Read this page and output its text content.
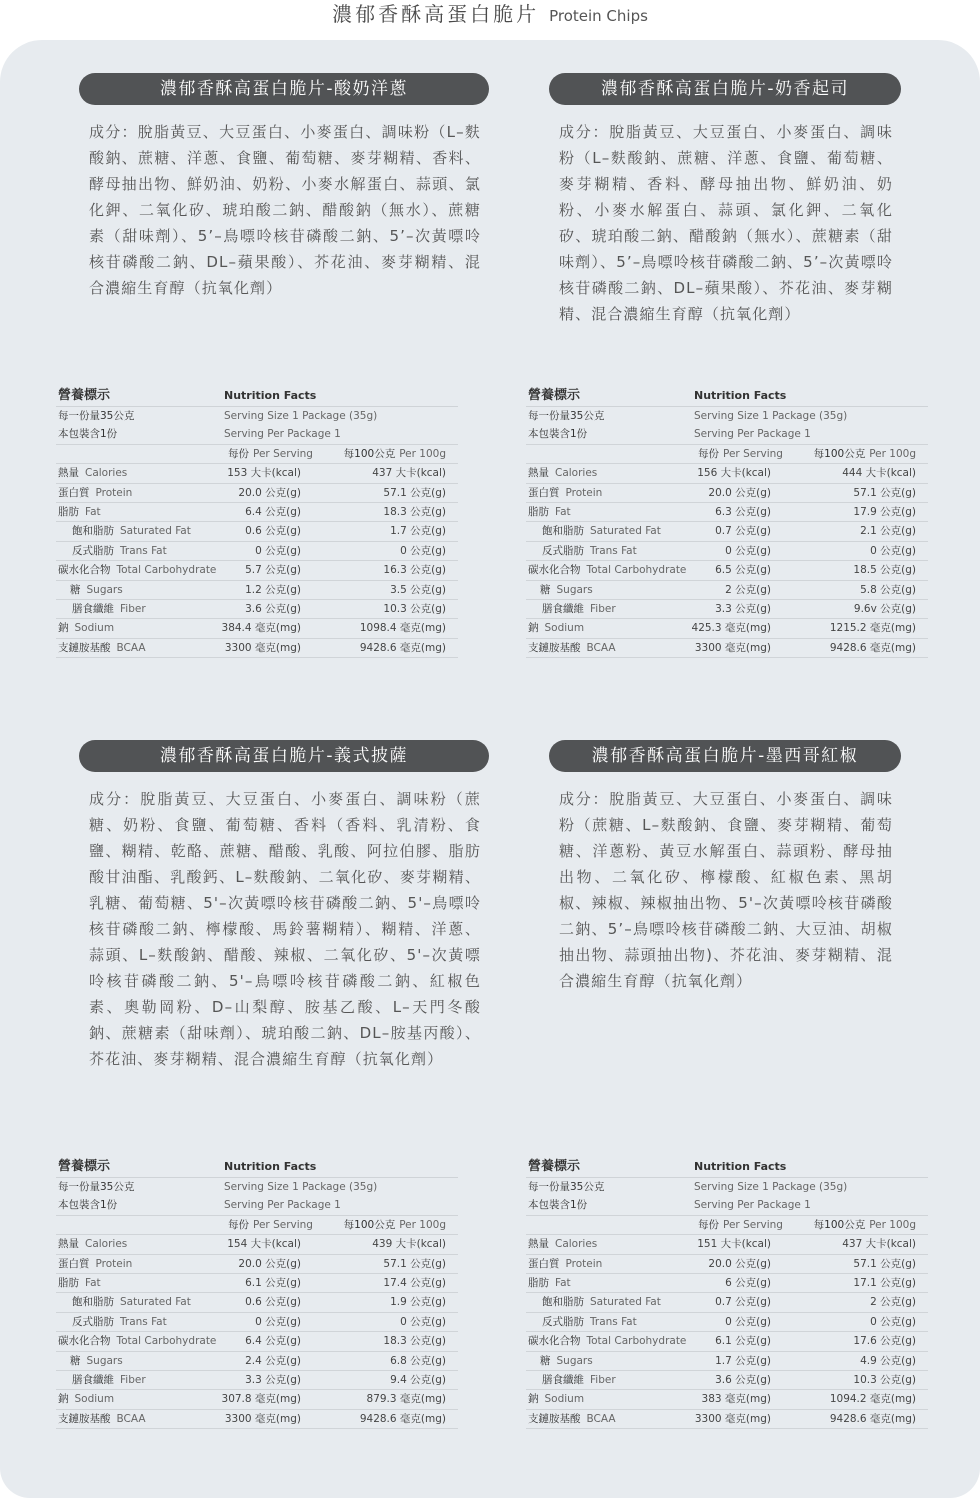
濃郁香酥高蛋白脆片 Protein Chips
濃郁香酥高蛋白脆片-酸奶洋蔥
成分：脫脂黃豆、大豆蛋白、小麥蛋白、調味粉（L–麩酸鈉、蔗糖、洋蔥、食鹽、葡萄糖、麥芽糊精、香料、酵母抽出物、鮮奶油、奶粉、小麥水解蛋白、蒜頭、氯化鉀、二氧化矽、琥珀酸二鈉、醋酸鈉（無水）、蔗糖素（甜味劑）、5’–鳥嘌呤核苷磷酸二鈉、5’–次黃嘌呤核苷磷酸二鈉、DL–蘋果酸）、芥花油、麥芽糊精、混合濃縮生育醇（抗氧化劑）
濃郁香酥高蛋白脆片-奶香起司
成分：脫脂黃豆、大豆蛋白、小麥蛋白、調味粉（L–麩酸鈉、蔗糖、洋蔥、食鹽、葡萄糖、麥芽糊精、香料、酵母抽出物、鮮奶油、奶粉、小麥水解蛋白、蒜頭、氯化鉀、二氧化矽、琥珀酸二鈉、醋酸鈉（無水）、蔗糖素（甜味劑）、5’–鳥嘌呤核苷磷酸二鈉、5’–次黃嘌呤核苷磷酸二鈉、DL–蘋果酸）、芥花油、麥芽糊精、混合濃縮生育醇（抗氧化劑）
濃郁香酥高蛋白脆片-義式披薩
成分：脫脂黃豆、大豆蛋白、小麥蛋白、調味粉（蔗糖、奶粉、食鹽、葡萄糖、香料（香料、乳清粉、食鹽、糊精、乾酪、蔗糖、醋酸、乳酸、阿拉伯膠、脂肪酸甘油酯、乳酸鈣、L–麩酸鈉、二氧化矽、麥芽糊精、乳糖、葡萄糖、5'–次黃嘌呤核苷磷酸二鈉、5'–鳥嘌呤核苷磷酸二鈉、檸檬酸、馬鈴薯糊精）、糊精、洋蔥、蒜頭、L–麩酸鈉、醋酸、辣椒、二氧化矽、5'–次黃嘌呤核苷磷酸二鈉、5'–鳥嘌呤核苷磷酸二鈉、紅椒色素、奧勒岡粉、D–山梨醇、胺基乙酸、L–天門冬酸鈉、蔗糖素（甜味劑）、琥珀酸二鈉、DL–胺基丙酸）、芥花油、麥芽糊精、混合濃縮生育醇（抗氧化劑）
濃郁香酥高蛋白脆片-墨西哥紅椒
成分：脫脂黃豆、大豆蛋白、小麥蛋白、調味粉（蔗糖、L–麩酸鈉、食鹽、麥芽糊精、葡萄糖、洋蔥粉、黃豆水解蛋白、蒜頭粉、酵母抽出物、二氧化矽、檸檬酸、紅椒色素、黑胡椒、辣椒、辣椒抽出物、5'–次黃嘌呤核苷磷酸二鈉、5’–鳥嘌呤核苷磷酸二鈉、大豆油、胡椒抽出物、蒜頭抽出物)、芥花油、麥芽糊精、混合濃縮生育醇（抗氧化劑）
營養標示	Nutrition Facts
每一份量35公克	Serving Size 1 Package (35g)
本包裝含1份	Serving Per Package 1
每份 Per Serving	每100公克 Per 100g
熱量 Calories	153 大卡(kcal)	437 大卡(kcal)
蛋白質 Protein	20.0 公克(g)	57.1 公克(g)
脂肪 Fat	6.4 公克(g)	18.3 公克(g)
飽和脂肪 Saturated Fat	0.6 公克(g)	1.7 公克(g)
反式脂肪 Trans Fat	0 公克(g)	0 公克(g)
碳水化合物 Total Carbohydrate	5.7 公克(g)	16.3 公克(g)
糖 Sugars	1.2 公克(g)	3.5 公克(g)
膳食纖維 Fiber	3.6 公克(g)	10.3 公克(g)
鈉 Sodium	384.4 毫克(mg)	1098.4 毫克(mg)
支鏈胺基酸 BCAA	3300 毫克(mg)	9428.6 毫克(mg)
營養標示	Nutrition Facts
每一份量35公克	Serving Size 1 Package (35g)
本包裝含1份	Serving Per Package 1
每份 Per Serving	每100公克 Per 100g
熱量 Calories	156 大卡(kcal)	444 大卡(kcal)
蛋白質 Protein	20.0 公克(g)	57.1 公克(g)
脂肪 Fat	6.3 公克(g)	17.9 公克(g)
飽和脂肪 Saturated Fat	0.7 公克(g)	2.1 公克(g)
反式脂肪 Trans Fat	0 公克(g)	0 公克(g)
碳水化合物 Total Carbohydrate	6.5 公克(g)	18.5 公克(g)
糖 Sugars	2 公克(g)	5.8 公克(g)
膳食纖維 Fiber	3.3 公克(g)	9.6v 公克(g)
鈉 Sodium	425.3 毫克(mg)	1215.2 毫克(mg)
支鏈胺基酸 BCAA	3300 毫克(mg)	9428.6 毫克(mg)
營養標示	Nutrition Facts
每一份量35公克	Serving Size 1 Package (35g)
本包裝含1份	Serving Per Package 1
每份 Per Serving	每100公克 Per 100g
熱量 Calories	154 大卡(kcal)	439 大卡(kcal)
蛋白質 Protein	20.0 公克(g)	57.1 公克(g)
脂肪 Fat	6.1 公克(g)	17.4 公克(g)
飽和脂肪 Saturated Fat	0.6 公克(g)	1.9 公克(g)
反式脂肪 Trans Fat	0 公克(g)	0 公克(g)
碳水化合物 Total Carbohydrate	6.4 公克(g)	18.3 公克(g)
糖 Sugars	2.4 公克(g)	6.8 公克(g)
膳食纖維 Fiber	3.3 公克(g)	9.4 公克(g)
鈉 Sodium	307.8 毫克(mg)	879.3 毫克(mg)
支鏈胺基酸 BCAA	3300 毫克(mg)	9428.6 毫克(mg)
營養標示	Nutrition Facts
每一份量35公克	Serving Size 1 Package (35g)
本包裝含1份	Serving Per Package 1
每份 Per Serving	每100公克 Per 100g
熱量 Calories	151 大卡(kcal)	437 大卡(kcal)
蛋白質 Protein	20.0 公克(g)	57.1 公克(g)
脂肪 Fat	6 公克(g)	17.1 公克(g)
飽和脂肪 Saturated Fat	0.7 公克(g)	2 公克(g)
反式脂肪 Trans Fat	0 公克(g)	0 公克(g)
碳水化合物 Total Carbohydrate	6.1 公克(g)	17.6 公克(g)
糖 Sugars	1.7 公克(g)	4.9 公克(g)
膳食纖維 Fiber	3.6 公克(g)	10.3 公克(g)
鈉 Sodium	383 毫克(mg)	1094.2 毫克(mg)
支鏈胺基酸 BCAA	3300 毫克(mg)	9428.6 毫克(mg)
